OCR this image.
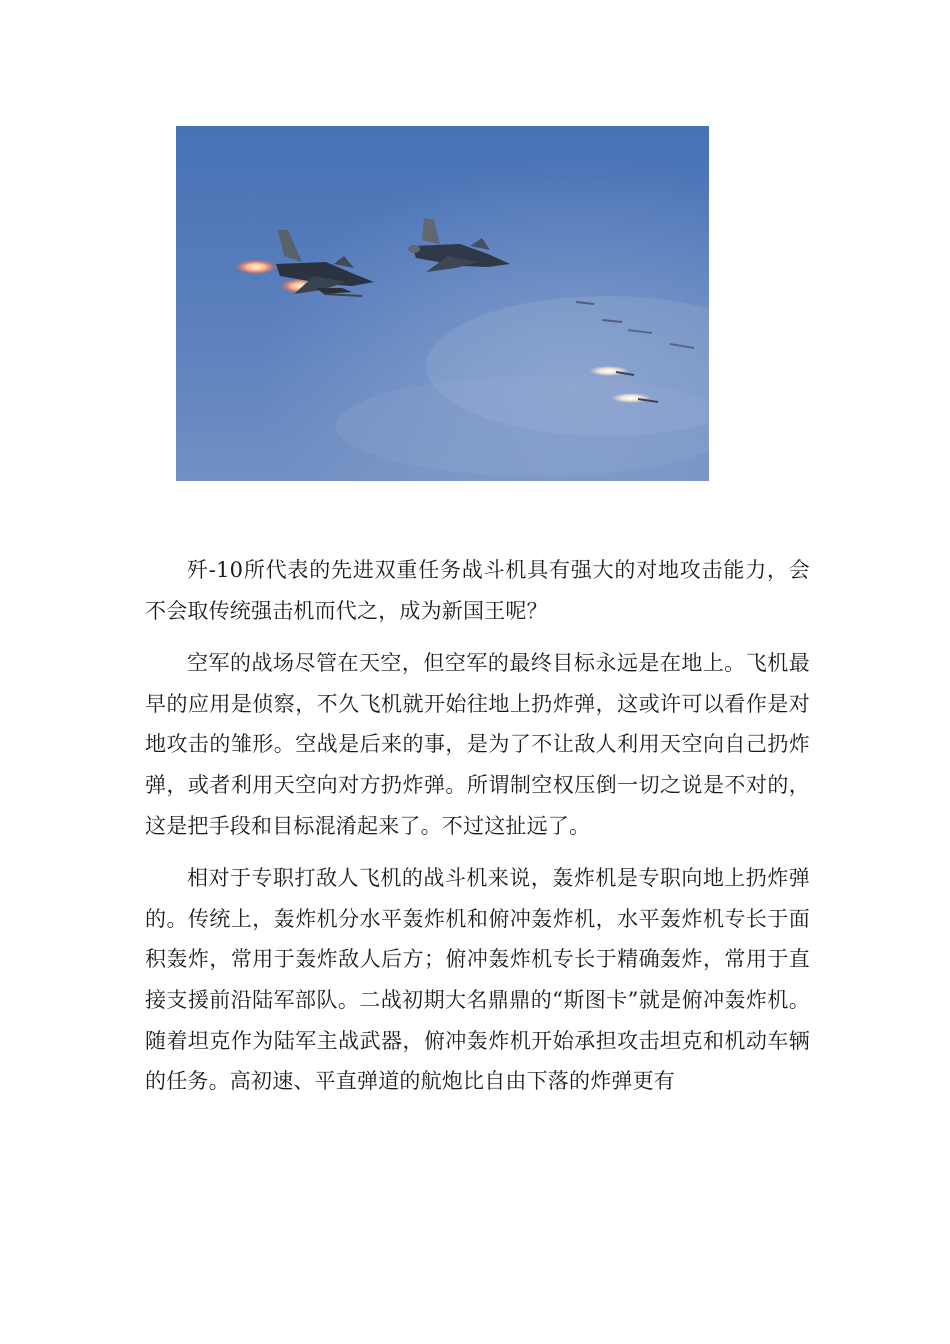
歼-10所代表的先进双重任务战斗机具有强大的对地攻击能力，会不会取传统强击机而代之，成为新国王呢？

空军的战场尽管在天空，但空军的最终目标永远是在地上。飞机最早的应用是侦察，不久飞机就开始往地上扔炸弹，这或许可以看作是对地攻击的雏形。空战是后来的事，是为了不让敌人利用天空向自己扔炸弹，或者利用天空向对方扔炸弹。所谓制空权压倒一切之说是不对的，这是把手段和目标混淆起来了。不过这扯远了。

相对于专职打敌人飞机的战斗机来说，轰炸机是专职向地上扔炸弹的。传统上，轰炸机分水平轰炸机和俯冲轰炸机，水平轰炸机专长于面积轰炸，常用于轰炸敌人后方；俯冲轰炸机专长于精确轰炸，常用于直接支援前沿陆军部队。二战初期大名鼎鼎的“斯图卡”就是俯冲轰炸机。随着坦克作为陆军主战武器，俯冲轰炸机开始承担攻击坦克和机动车辆的任务。高初速、平直弹道的航炮比自由下落的炸弹更有
